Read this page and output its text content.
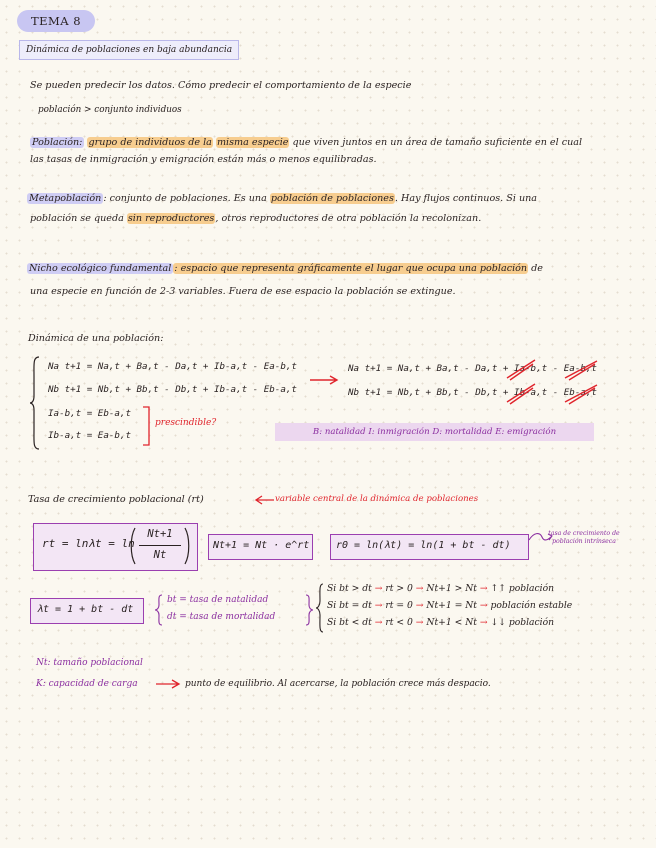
TEMA 8
Dinámica de poblaciones en baja abundancia
Se pueden predecir los datos. Cómo predecir el comportamiento de la especie
población > conjunto individuos
Población: grupo de individuos de la misma especie que viven juntos en un área de tamaño suficiente en el cual
las tasas de inmigración y emigración están más o menos equilibradas.
Metapoblación : conjunto de poblaciones. Es una población de poblaciones. Hay flujos continuos. Si una
población se queda sin reproductores, otros reproductores de otra población la recolonizan.
Nicho ecológico fundamental : espacio que representa gráficamente el lugar que ocupa una población de
una especie en función de 2-3 variables. Fuera de ese espacio la población se extingue.
Dinámica de una población:
Na t+1 = Na,t + Ba,t - Da,t + Ib-a,t - Ea-b,t
Nb t+1 = Nb,t + Bb,t - Db,t + Ib-a,t - Eb-a,t
Ia-b,t = Eb-a,t
Ib-a,t = Ea-b,t
prescindible?
Na t+1 = Na,t + Ba,t - Da,t + Ia-b,t - Ea-b,t
Nb t+1 = Nb,t + Bb,t - Db,t + Ib-a,t - Eb-a,t
B: natalidad I: inmigración D: mortalidad E: emigración
Tasa de crecimiento poblacional (rt)	variable central de la dinámica de poblaciones
rt = lnλt = ln
Nt+1
Nt
Nt+1 = Nt · e^rt	r0 = ln(λt) = ln(1 + bt - dt)
tasa de crecimiento de población intrínseca
λt = 1 + bt - dt
bt = tasa de natalidad
dt = tasa de mortalidad
Si bt > dt → rt > 0 → Nt+1 > Nt → ↑↑ población
Si bt = dt → rt = 0 → Nt+1 = Nt → población estable
Si bt < dt → rt < 0 → Nt+1 < Nt → ↓↓ población
Nt: tamaño poblacional
K: capacidad de carga	punto de equilibrio. Al acercarse, la población crece más despacio.
